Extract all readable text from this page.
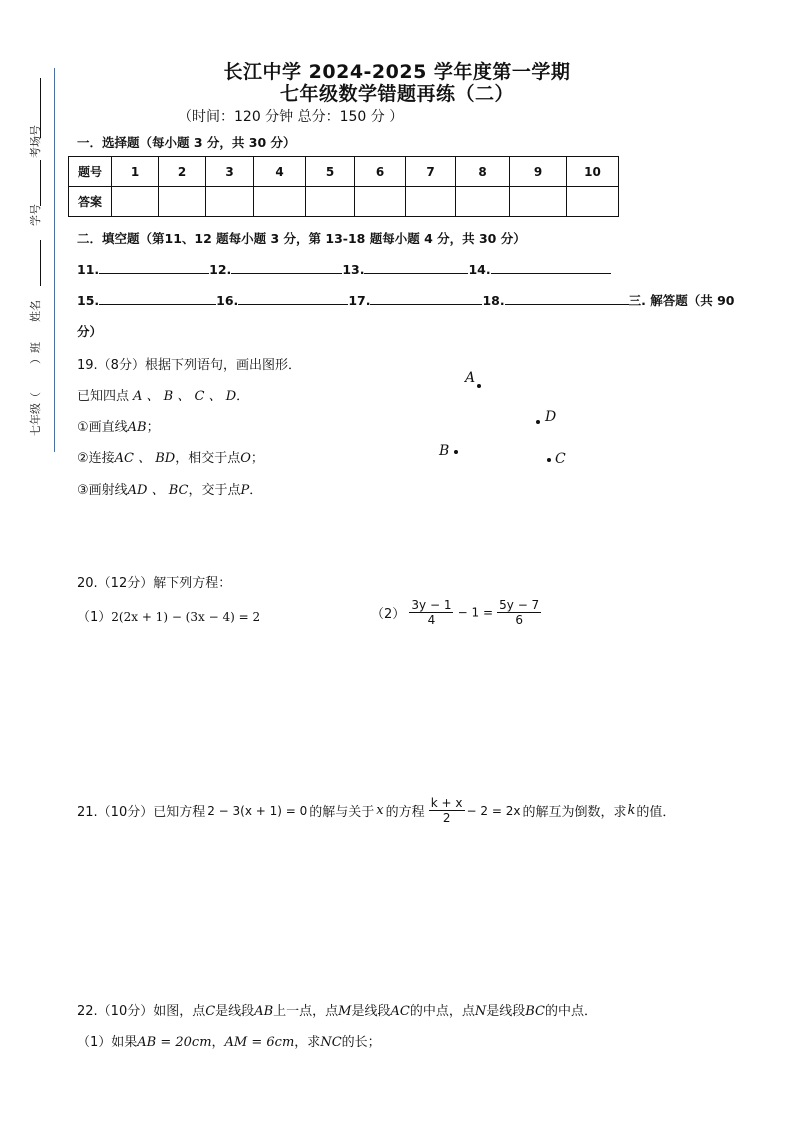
考场号
学号
姓名
）班
七年级（
长江中学 2024-2025 学年度第一学期
七年级数学错题再练（二）
（时间：120 分钟 总分：150 分 ）
一．选择题（每小题 3 分，共 30 分）
题号	1	2	3	4	5	6	7	8	9	10
答案										
二．填空题（第11、12 题每小题 3 分，第 13-18 题每小题 4 分，共 30 分）
11.	12.	13.	14.
15.	16.	17.	18.	三. 解答题（共 90
分）
19.（8分）根据下列语句，画出图形．
已知四点 A 、 B 、 C 、 D．
①画直线AB；
②连接AC 、 BD，相交于点O；
③画射线AD 、 BC，交于点P．
A
D
B	C
20.（12分）解下列方程：
（1）2(2x + 1) − (3x − 4) = 2	$(2) \frac{3y - 1}{4} - 1 = \frac{5y - 7}{6}$
21.（10分）已知方程 2 − 3(x + 1) = 0 的解与关于 x 的方程 $\frac{k + x}{2} - 2 = 2x$ 的解互为倒数，求k的值．
22.（10分）如图，点C是线段AB上一点，点M是线段AC的中点，点N是线段BC的中点．
（1）如果AB = 20cm，AM = 6cm，求NC的长；
